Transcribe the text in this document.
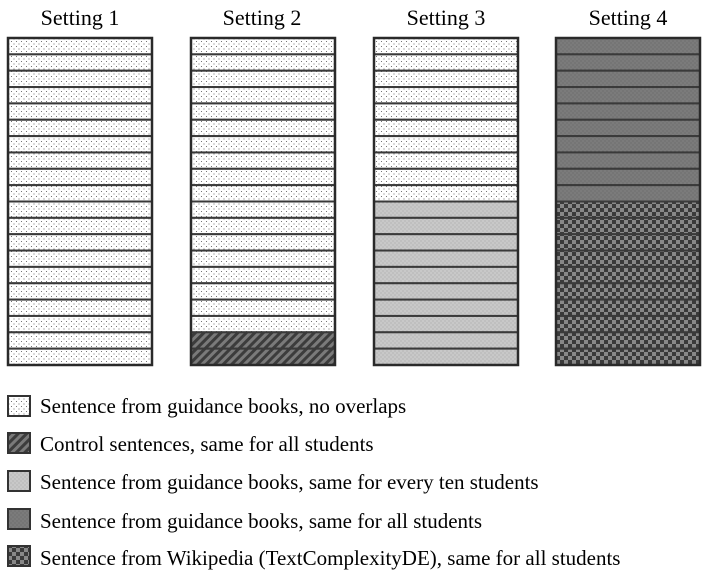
Setting 1	Setting 2	Setting 3	Setting 4
Sentence from guidance books, no overlaps
Control sentences, same for all students
Sentence from guidance books, same for every ten students
Sentence from guidance books, same for all students
Sentence from Wikipedia (TextComplexityDE), same for all students
